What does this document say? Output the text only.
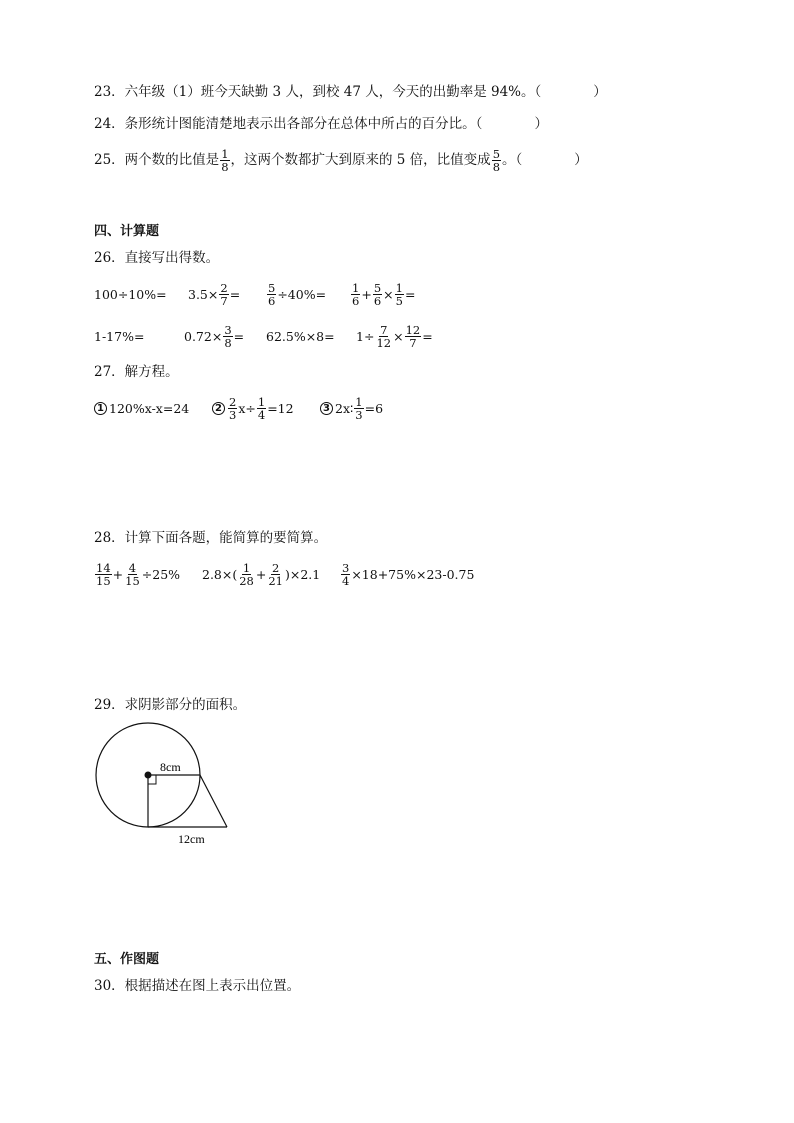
23．六年级（1）班今天缺勤 3 人，到校 47 人，今天的出勤率是 94%。（	）
24．条形统计图能清楚地表示出各部分在总体中所占的百分比。（	）
25．两个数的比值是 $\frac{1}{8}$ ，这两个数都扩大到原来的 5 倍，比值变成 $\frac{5}{8}$ 。（	）
四、计算题
26．直接写出得数。
$100\div 10\%= 3.5\times \frac{2}{7} = \frac{5}{6} \div 40\%= \frac{1}{6} + \frac{5}{6} \times \frac{1}{5}$ =
1-17%=	$0.72\times \frac{3}{8} = 62.5\%\times 8= 1\div \frac{7}{12} \times \frac{12}{7}$ =
27．解方程。
1 120%x-x=24	$2 \frac{2}{3} x\div \frac{1}{4} =12$	3 2x∶ $\frac{1}{3} =6$
28．计算下面各题，能简算的要简算。
$\frac{14}{15} + \frac{4}{15} \div 25\%$ $2.8\times( \frac{1}{28} + \frac{2}{21} )\times 2.1 \frac{3}{4} \times 18+75\%\times 23-0.75$
29．求阴影部分的面积。
8cm
12cm
五、作图题
30．根据描述在图上表示出位置。
